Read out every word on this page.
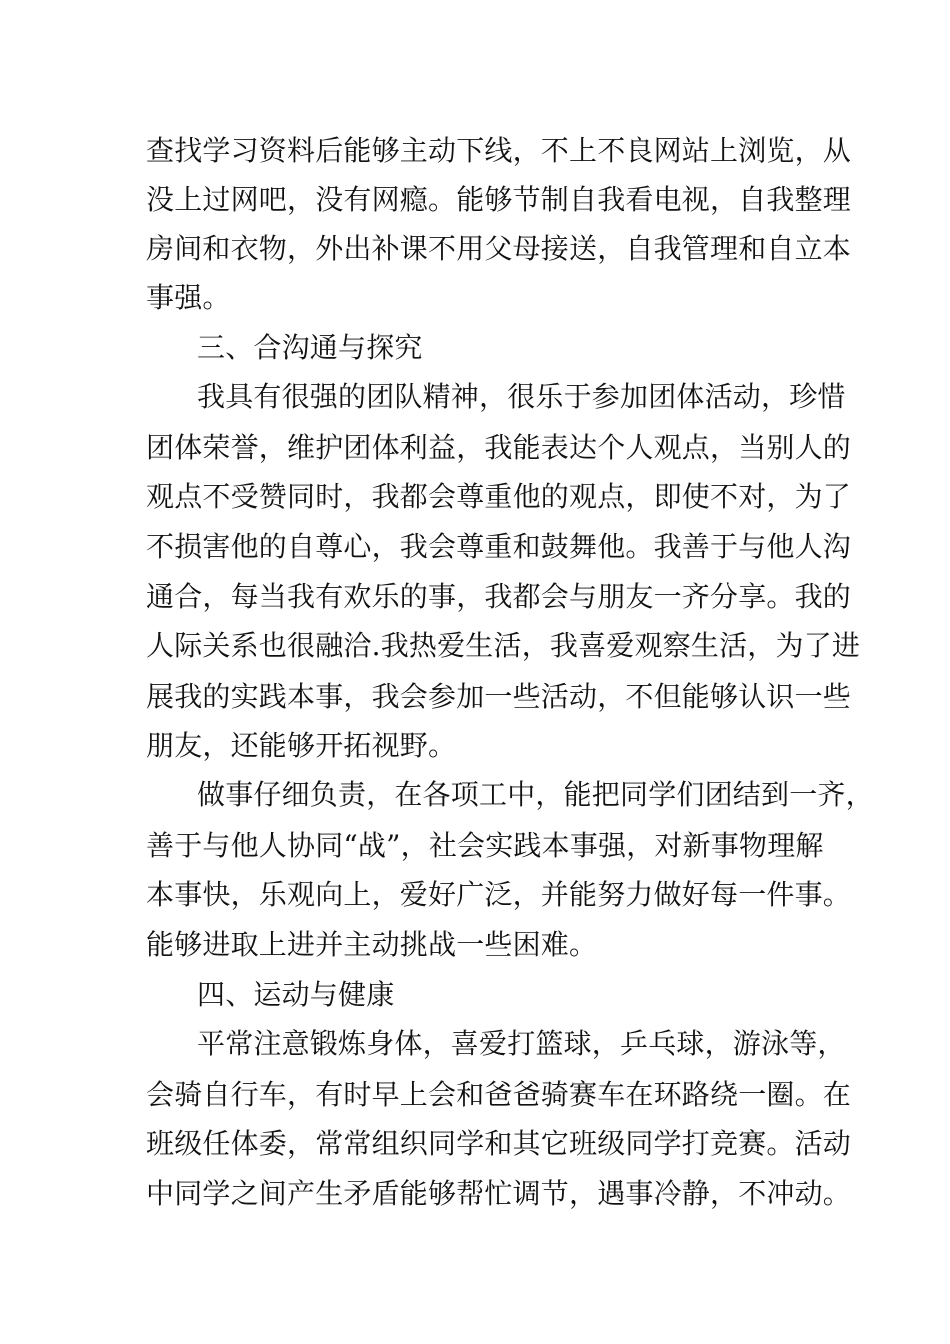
查找学习资料后能够主动下线，不上不良网站上浏览，从
没上过网吧，没有网瘾。能够节制自我看电视，自我整理
房间和衣物，外出补课不用父母接送，自我管理和自立本
事强。
三、合沟通与探究
我具有很强的团队精神，很乐于参加团体活动，珍惜
团体荣誉，维护团体利益，我能表达个人观点，当别人的
观点不受赞同时，我都会尊重他的观点，即使不对，为了
不损害他的自尊心，我会尊重和鼓舞他。我善于与他人沟
通合，每当我有欢乐的事，我都会与朋友一齐分享。我的
人际关系也很融洽.我热爱生活，我喜爱观察生活，为了进
展我的实践本事，我会参加一些活动，不但能够认识一些
朋友，还能够开拓视野。
做事仔细负责，在各项工中，能把同学们团结到一齐，
善于与他人协同“战”，社会实践本事强，对新事物理解
本事快，乐观向上，爱好广泛，并能努力做好每一件事。
能够进取上进并主动挑战一些困难。
四、运动与健康
平常注意锻炼身体，喜爱打篮球，乒乓球，游泳等，
会骑自行车，有时早上会和爸爸骑赛车在环路绕一圈。在
班级任体委，常常组织同学和其它班级同学打竞赛。活动
中同学之间产生矛盾能够帮忙调节，遇事冷静，不冲动。
